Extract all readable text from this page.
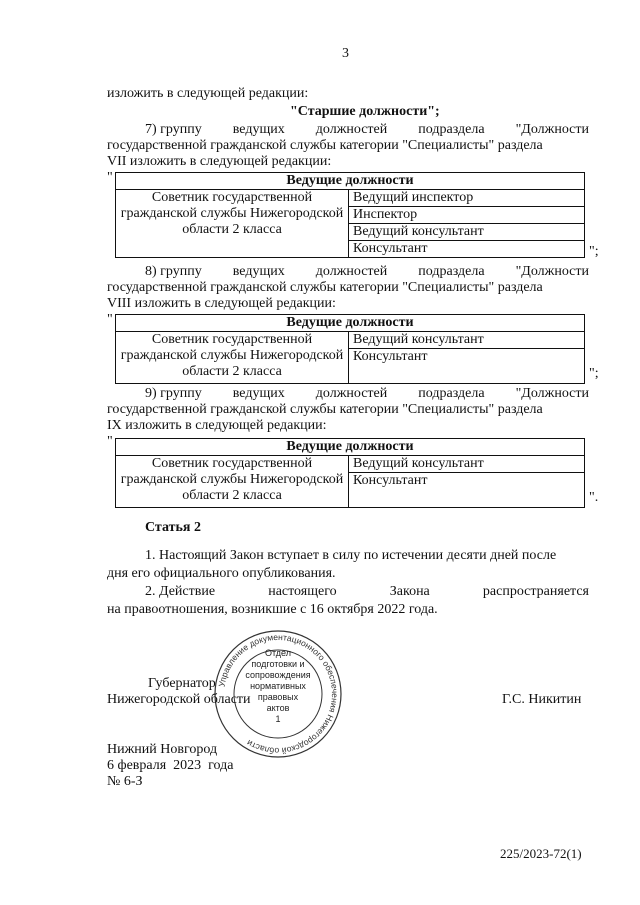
3
изложить в следующей редакции:
"Старшие должности";
7) группу ведущих должностей подраздела "Должности
государственной гражданской службы категории "Специалисты" раздела
VII изложить в следующей редакции:
"	Ведущие должности
Советник государственной гражданской службы Нижегородской области 2 класса	Ведущий инспектор
Инспектор
Ведущий консультант
Консультант	";
8) группу ведущих должностей подраздела "Должности
государственной гражданской службы категории "Специалисты" раздела
VIII изложить в следующей редакции:
"	Ведущие должности
Советник государственной гражданской службы Нижегородской области 2 класса	Ведущий консультант
Консультант
";
9) группу ведущих должностей подраздела "Должности
государственной гражданской службы категории "Специалисты" раздела
IX изложить в следующей редакции:
"	Ведущие должности
Советник государственной гражданской службы Нижегородской области 2 класса	Ведущий консультант
Консультант
".
Статья 2
1. Настоящий Закон вступает в силу по истечении десяти дней после
дня его официального опубликования.
2. Действие	настоящего	Закона	распространяется
на правоотношения, возникшие с 16 октября 2022 года.
Управление документационного обеспечения Нижегородской области
Отдел
подготовки и
сопровождения
нормативных
правовых
актов
1
Губернатор
Нижегородской области	Г.С. Никитин
Нижний Новгород
6 февраля  2023  года
№ 6-З
225/2023-72(1)
